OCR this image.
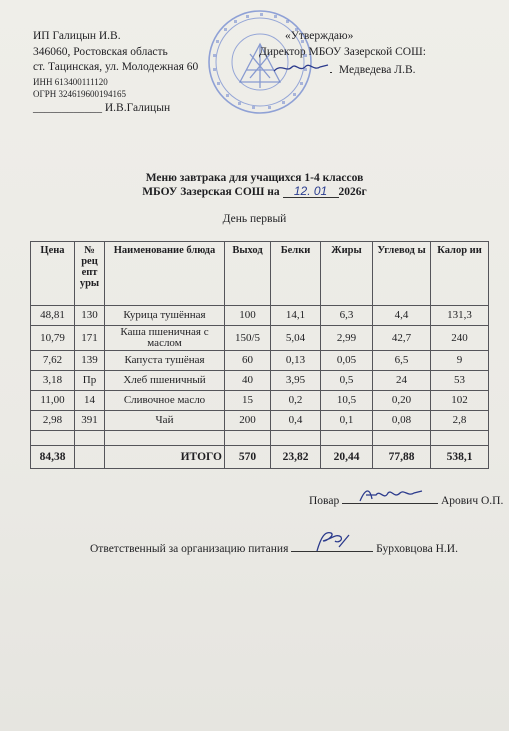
ИП Галицын И.В.
346060, Ростовская область
ст. Тацинская, ул. Молодежная 60
ИНН 613400111120
ОГРН 324619600194165
____________ И.В.Галицын
«Утверждаю»
Директор МБОУ Зазерской СОШ:
Медведева Л.В.
Меню завтрака для учащихся 1-4 классов
МБОУ Зазерская СОШ на 12. 01 2026г
День первый
Цена	№ рец епт уры	Наименование блюда	Выход	Белки	Жиры	Углевод ы	Калор ии
48,81	130	Курица тушённая	100	14,1	6,3	4,4	131,3
10,79	171	Каша пшеничная с маслом	150/5	5,04	2,99	42,7	240
7,62	139	Капуста тушёная	60	0,13	0,05	6,5	9
3,18	Пр	Хлеб пшеничный	40	3,95	0,5	24	53
11,00	14	Сливочное масло	15	0,2	10,5	0,20	102
2,98	391	Чай	200	0,4	0,1	0,08	2,8

84,38		ИТОГО	570	23,82	20,44	77,88	538,1
Повар	Арович О.П.
Ответственный за организацию питания	Бурховцова Н.И.
